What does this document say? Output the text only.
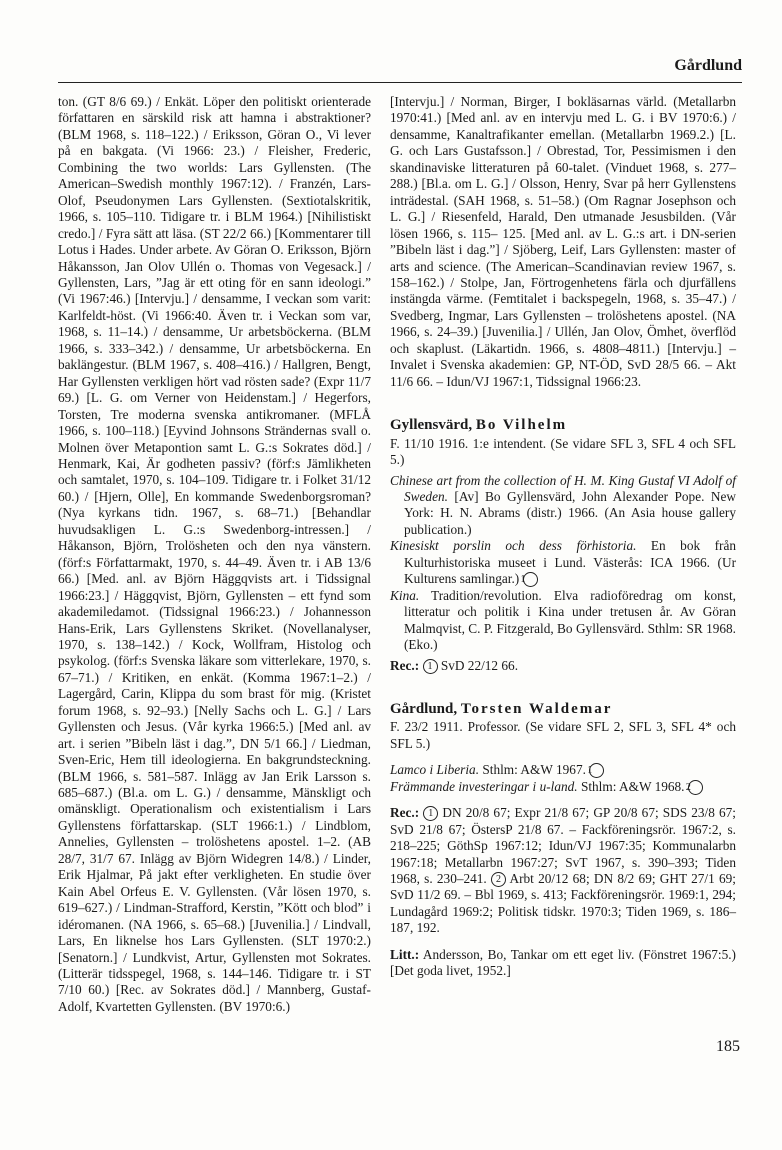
Gårdlund

ton. (GT 8/6 69.) / Enkät. Löper den politiskt orienterade författaren en särskild risk att hamna i abstraktioner? (BLM 1968, s. 118–122.) / Eriksson, Göran O., Vi lever på en bakgata. (Vi 1966: 23.) / Fleisher, Frederic, Combining the two worlds: Lars Gyllensten. (The American–Swedish monthly 1967:12). / Franzén, Lars-Olof, Pseudonymen Lars Gyllensten. (Sextiotalskritik, 1966, s. 105–110. Tidigare tr. i BLM 1964.) [Nihilistiskt credo.] / Fyra sätt att läsa. (ST 22/2 66.) [Kommentarer till Lotus i Hades. Under arbete. Av Göran O. Eriksson, Björn Håkansson, Jan Olov Ullén o. Thomas von Vegesack.] / Gyllensten, Lars, ”Jag är ett oting för en sann ideologi.” (Vi 1967:46.) [Intervju.] / densamme, I veckan som varit: Karlfeldt-höst. (Vi 1966:40. Även tr. i Veckan som var, 1968, s. 11–14.) / densamme, Ur arbetsböckerna. (BLM 1966, s. 333–342.) / densamme, Ur arbetsböckerna. En baklängestur. (BLM 1967, s. 408–416.) / Hallgren, Bengt, Har Gyllensten verkligen hört vad rösten sade? (Expr 11/7 69.) [L. G. om Verner von Heidenstam.] / Hegerfors, Torsten, Tre moderna svenska antikromaner. (MFLÅ 1966, s. 100–118.) [Eyvind Johnsons Strändernas svall o. Molnen över Metapontion samt L. G.:s Sokrates död.] / Henmark, Kai, Är godheten passiv? (förf:s Jämlikheten och samtalet, 1970, s. 104–109. Tidigare tr. i Folket 31/12 60.) / [Hjern, Olle], En kommande Swedenborgsroman? (Nya kyrkans tidn. 1967, s. 68–71.) [Behandlar huvudsakligen L. G.:s Swedenborg-intressen.] / Håkanson, Björn, Trolösheten och den nya vänstern. (förf:s Författarmakt, 1970, s. 44–49. Även tr. i AB 13/6 66.) [Med. anl. av Björn Häggqvists art. i Tidssignal 1966:23.] / Häggqvist, Björn, Gyllensten – ett fynd som akademiledamot. (Tidssignal 1966:23.) / Johannesson Hans-Erik, Lars Gyllenstens Skriket. (Novellanalyser, 1970, s. 138–142.) / Kock, Wollfram, Histolog och psykolog. (förf:s Svenska läkare som vitterlekare, 1970, s. 67–71.) / Kritiken, en enkät. (Komma 1967:1–2.) / Lagergård, Carin, Klippa du som brast för mig. (Kristet forum 1968, s. 92–93.) [Nelly Sachs och L. G.] / Lars Gyllensten och Jesus. (Vår kyrka 1966:5.) [Med anl. av art. i serien ”Bibeln läst i dag.”, DN 5/1 66.] / Liedman, Sven-Eric, Hem till ideologierna. En bakgrundsteckning. (BLM 1966, s. 581–587. Inlägg av Jan Erik Larsson s. 685–687.) (Bl.a. om L. G.) / densamme, Mänskligt och omänskligt. Operationalism och existentialism i Lars Gyllenstens författarskap. (SLT 1966:1.) / Lindblom, Annelies, Gyllensten – trolöshetens apostel. 1–2. (AB 28/7, 31/7 67. Inlägg av Björn Widegren 14/8.) / Linder, Erik Hjalmar, På jakt efter verkligheten. En studie över Kain Abel Orfeus E. V. Gyllensten. (Vår lösen 1970, s. 619–627.) / Lindman-Strafford, Kerstin, ”Kött och blod” i idéromanen. (NA 1966, s. 65–68.) [Juvenilia.] / Lindvall, Lars, En liknelse hos Lars Gyllensten. (SLT 1970:2.) [Senatorn.] / Lundkvist, Artur, Gyllensten mot Sokrates. (Litterär tidsspegel, 1968, s. 144–146. Tidigare tr. i ST 7/10 60.) [Rec. av Sokrates död.] / Mannberg, Gustaf-Adolf, Kvartetten Gyllensten. (BV 1970:6.)

[Intervju.] / Norman, Birger, I bokläsarnas värld. (Metallarbn 1970:41.) [Med anl. av en intervju med L. G. i BV 1970:6.) / densamme, Kanaltrafikanter emellan. (Metallarbn 1969.2.) [L. G. och Lars Gustafsson.] / Obrestad, Tor, Pessimismen i den skandinaviske litteraturen på 60-talet. (Vinduet 1968, s. 277–288.) [Bl.a. om L. G.] / Olsson, Henry, Svar på herr Gyllenstens inträdestal. (SAH 1968, s. 51–58.) (Om Ragnar Josephson och L. G.] / Riesenfeld, Harald, Den utmanade Jesusbilden. (Vår lösen 1966, s. 115– 125. [Med anl. av L. G.:s art. i DN-serien ”Bibeln läst i dag.”] / Sjöberg, Leif, Lars Gyllensten: master of arts and science. (The American–Scandinavian review 1967, s. 158–162.) / Stolpe, Jan, Förtrogenhetens färla och djurfällens instängda värme. (Femtitalet i backspegeln, 1968, s. 35–47.) / Svedberg, Ingmar, Lars Gyllensten – trolöshetens apostel. (NA 1966, s. 24–39.) [Juvenilia.] / Ullén, Jan Olov, Ömhet, överflöd och skaplust. (Läkartidn. 1966, s. 4808–4811.) [Intervju.] – Invalet i Svenska akademien: GP, NT-ÖD, SvD 28/5 66. – Akt 11/6 66. – Idun/VJ 1967:1, Tidssignal 1966:23.

Gyllensvärd, Bo Vilhelm

F. 11/10 1916. 1:e intendent. (Se vidare SFL 3, SFL 4 och SFL 5.)

Chinese art from the collection of H. M. King Gustaf VI Adolf of Sweden. [Av] Bo Gyllensvärd, John Alexander Pope. New York: H. N. Abrams (distr.) 1966. (An Asia house gallery publication.)

Kinesiskt porslin och dess förhistoria. En bok från Kulturhistoriska museet i Lund. Västerås: ICA 1966. (Ur Kulturens samlingar.) 1

Kina. Tradition/revolution. Elva radioföredrag om konst, litteratur och politik i Kina under tretusen år. Av Göran Malmqvist, C. P. Fitzgerald, Bo Gyllensvärd. Sthlm: SR 1968. (Eko.)

Rec.: 1 SvD 22/12 66.

Gårdlund, Torsten Waldemar

F. 23/2 1911. Professor. (Se vidare SFL 2, SFL 3, SFL 4* och SFL 5.)

Lamco i Liberia. Sthlm: A&W 1967. 1

Främmande investeringar i u-land. Sthlm: A&W 1968. 2

Rec.: 1 DN 20/8 67; Expr 21/8 67; GP 20/8 67; SDS 23/8 67; SvD 21/8 67; ÖstersP 21/8 67. – Fackföreningsrör. 1967:2, s. 218–225; GöthSp 1967:12; Idun/VJ 1967:35; Kommunalarbn 1967:18; Metallarbn 1967:27; SvT 1967, s. 390–393; Tiden 1968, s. 230–241. 2 Arbt 20/12 68; DN 8/2 69; GHT 27/1 69; SvD 11/2 69. – Bbl 1969, s. 413; Fackföreningsrör. 1969:1, 294; Lundagård 1969:2; Politisk tidskr. 1970:3; Tiden 1969, s. 186–187, 192.

Litt.: Andersson, Bo, Tankar om ett eget liv. (Fönstret 1967:5.) [Det goda livet, 1952.]

185
